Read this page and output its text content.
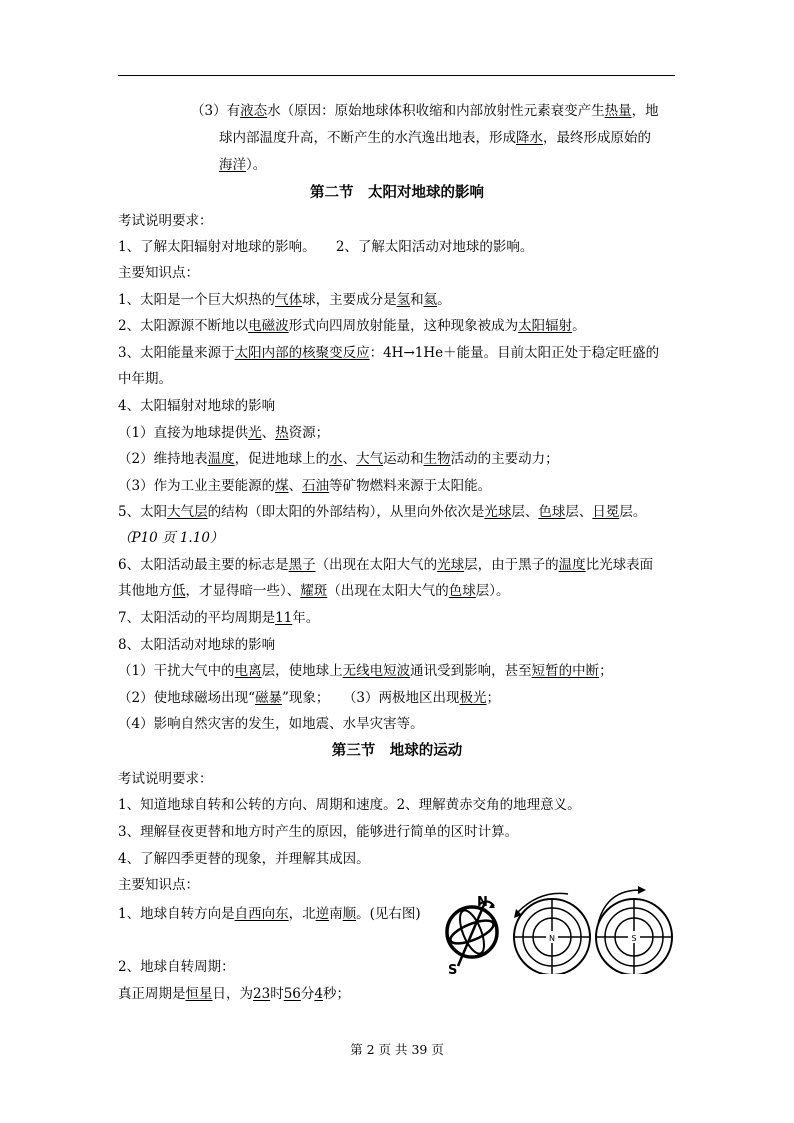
（3）有液态水（原因：原始地球体积收缩和内部放射性元素衰变产生热量，地
球内部温度升高，不断产生的水汽逸出地表，形成降水，最终形成原始的
海洋）。
第二节　太阳对地球的影响
考试说明要求：
1、了解太阳辐射对地球的影响。　　2、了解太阳活动对地球的影响。
主要知识点：
1、太阳是一个巨大炽热的气体球，主要成分是氢和氦。
2、太阳源源不断地以电磁波形式向四周放射能量，这种现象被成为太阳辐射。
3、太阳能量来源于太阳内部的核聚变反应：4H→1He＋能量。目前太阳正处于稳定旺盛的
中年期。
4、太阳辐射对地球的影响
（1）直接为地球提供光、热资源；
（2）维持地表温度，促进地球上的水、大气运动和生物活动的主要动力；
（3）作为工业主要能源的煤、石油等矿物燃料来源于太阳能。
5、太阳大气层的结构（即太阳的外部结构），从里向外依次是光球层、色球层、日冕层。
（P10 页 1.10）
6、太阳活动最主要的标志是黑子（出现在太阳大气的光球层，由于黑子的温度比光球表面
其他地方低，才显得暗一些）、耀斑（出现在太阳大气的色球层）。
7、太阳活动的平均周期是11年。
8、太阳活动对地球的影响
（1）干扰大气中的电离层，使地球上无线电短波通讯受到影响，甚至短暂的中断；
（2）使地球磁场出现“磁暴”现象；　　（3）两极地区出现极光；
（4）影响自然灾害的发生，如地震、水旱灾害等。
第三节　地球的运动
考试说明要求：
1、知道地球自转和公转的方向、周期和速度。2、理解黄赤交角的地理意义。
3、理解昼夜更替和地方时产生的原因，能够进行简单的区时计算。
4、了解四季更替的现象，并理解其成因。
主要知识点：
1、地球自转方向是自西向东，北逆南顺。(见右图)
2、地球自转周期：
真正周期是恒星日，为23时56分4秒；
N
S
N	S
第 2 页 共 39 页
